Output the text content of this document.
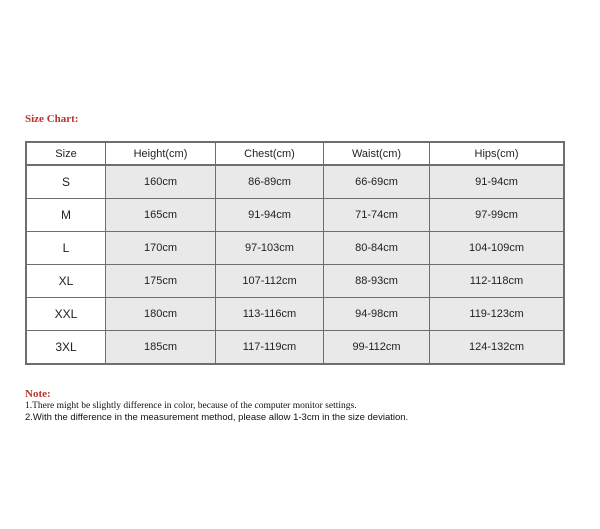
Size Chart:
Size	Height(cm)	Chest(cm)	Waist(cm)	Hips(cm)
S	160cm	86-89cm	66-69cm	91-94cm
M	165cm	91-94cm	71-74cm	97-99cm
L	170cm	97-103cm	80-84cm	104-109cm
XL	175cm	107-112cm	88-93cm	112-118cm
XXL	180cm	113-116cm	94-98cm	119-123cm
3XL	185cm	117-119cm	99-112cm	124-132cm
Note:
1.There might be slightly difference in color, because of the computer monitor settings.
2.With the difference in the measurement method, please allow 1-3cm in the size deviation.
